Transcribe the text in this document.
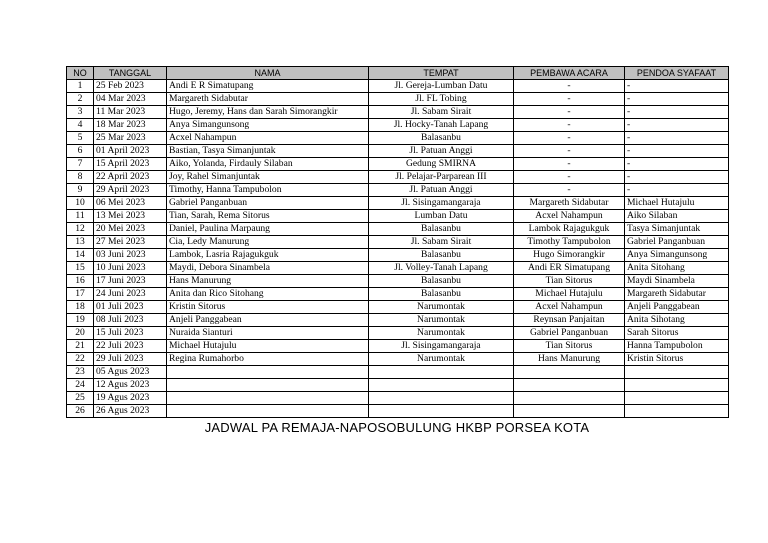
NO	TANGGAL	NAMA	TEMPAT	PEMBAWA ACARA	PENDOA SYAFAAT
1	25 Feb 2023	Andi E R Simatupang	Jl. Gereja-Lumban Datu	-	-
2	04 Mar 2023	Margareth Sidabutar	Jl. FL Tobing	-	-
3	11 Mar 2023	Hugo, Jeremy, Hans dan Sarah Simorangkir	Jl. Sabam Sirait	-	-
4	18 Mar 2023	Anya Simangunsong	Jl. Hocky-Tanah Lapang	-	-
5	25 Mar 2023	Acxel Nahampun	Balasanbu	-	-
6	01 April 2023	Bastian, Tasya Simanjuntak	Jl. Patuan Anggi	-	-
7	15 April 2023	Aiko, Yolanda, Firdauly Silaban	Gedung SMIRNA	-	-
8	22 April 2023	Joy, Rahel Simanjuntak	Jl. Pelajar-Parparean III	-	-
9	29 April 2023	Timothy, Hanna Tampubolon	Jl. Patuan Anggi	-	-
10	06 Mei 2023	Gabriel Panganbuan	Jl. Sisingamangaraja	Margareth Sidabutar	Michael Hutajulu
11	13 Mei 2023	Tian, Sarah, Rema Sitorus	Lumban Datu	Acxel Nahampun	Aiko Silaban
12	20 Mei 2023	Daniel, Paulina Marpaung	Balasanbu	Lambok Rajagukguk	Tasya Simanjuntak
13	27 Mei 2023	Cia, Ledy Manurung	Jl. Sabam Sirait	Timothy Tampubolon	Gabriel Panganbuan
14	03 Juni 2023	Lambok, Lasria Rajagukguk	Balasanbu	Hugo Simorangkir	Anya Simangunsong
15	10 Juni 2023	Maydi, Debora Sinambela	Jl. Volley-Tanah Lapang	Andi ER Simatupang	Anita Sitohang
16	17 Juni 2023	Hans Manurung	Balasanbu	Tian Sitorus	Maydi Sinambela
17	24 Juni 2023	Anita dan Rico Sitohang	Balasanbu	Michael Hutajulu	Margareth Sidabutar
18	01 Juli 2023	Kristin Sitorus	Narumontak	Acxel Nahampun	Anjeli Panggabean
19	08 Juli 2023	Anjeli Panggabean	Narumontak	Reynsan Panjaitan	Anita Sihotang
20	15 Juli 2023	Nuraida Sianturi	Narumontak	Gabriel Panganbuan	Sarah Sitorus
21	22 Juli 2023	Michael Hutajulu	Jl. Sisingamangaraja	Tian Sitorus	Hanna Tampubolon
22	29 Juli 2023	Regina Rumahorbo	Narumontak	Hans Manurung	Kristin Sitorus
23	05 Agus 2023				
24	12 Agus 2023				
25	19 Agus 2023				
26	26 Agus 2023				
JADWAL PA REMAJA-NAPOSOBULUNG HKBP PORSEA KOTA
